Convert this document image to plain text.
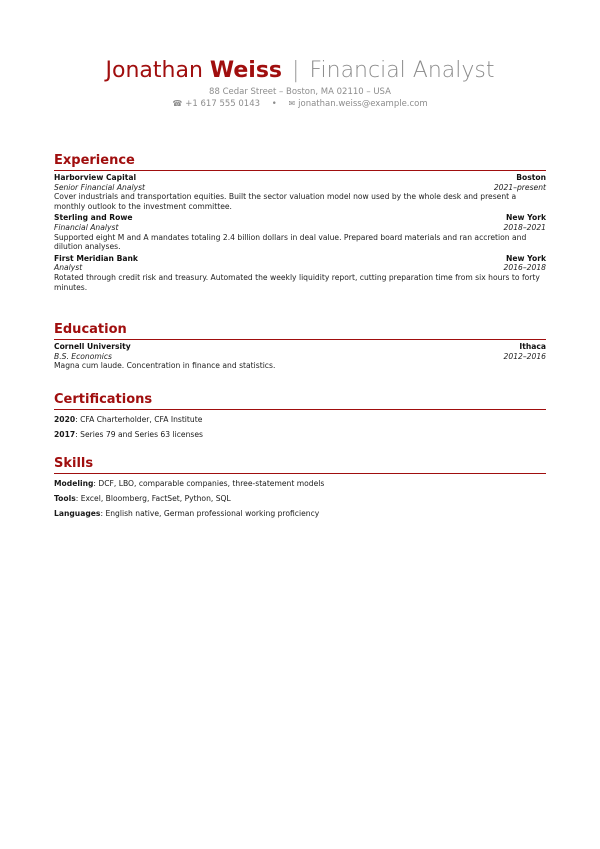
Jonathan Weiss | Financial Analyst
88 Cedar Street – Boston, MA 02110 – USA
☎ +1 617 555 0143 • ✉ jonathan.weiss@example.com
Experience
Harborview Capital	Boston
Senior Financial Analyst	2021–present
Cover industrials and transportation equities. Built the sector valuation model now used by the whole desk and present a monthly outlook to the investment committee.
Sterling and Rowe	New York
Financial Analyst	2018–2021
Supported eight M and A mandates totaling 2.4 billion dollars in deal value. Prepared board materials and ran accretion and dilution analyses.
First Meridian Bank	New York
Analyst	2016–2018
Rotated through credit risk and treasury. Automated the weekly liquidity report, cutting preparation time from six hours to forty minutes.
Education
Cornell University	Ithaca
B.S. Economics	2012–2016
Magna cum laude. Concentration in finance and statistics.
Certifications
2020: CFA Charterholder, CFA Institute
2017: Series 79 and Series 63 licenses
Skills
Modeling: DCF, LBO, comparable companies, three-statement models
Tools: Excel, Bloomberg, FactSet, Python, SQL
Languages: English native, German professional working proficiency
